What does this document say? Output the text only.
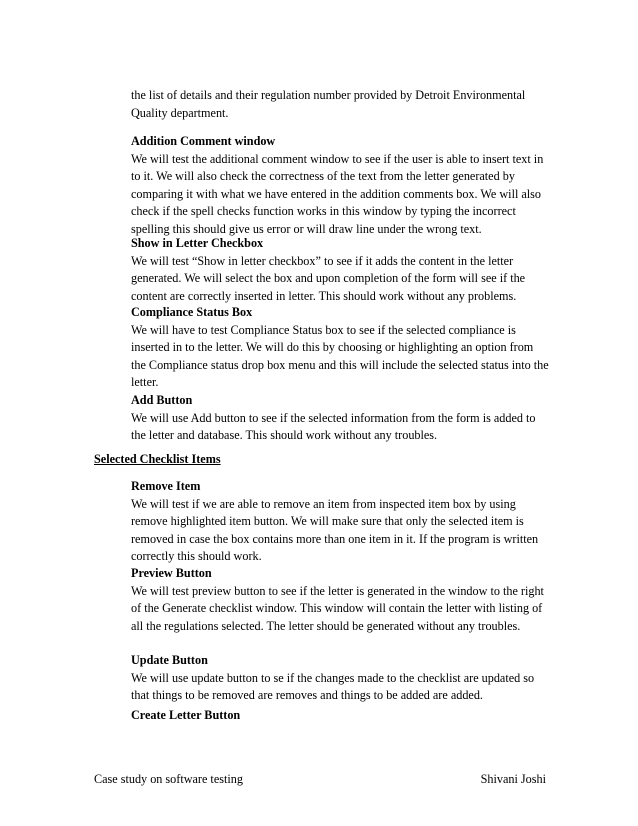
the list of details and their regulation number provided by Detroit Environmental Quality department.

Addition Comment window

We will test the additional comment window to see if the user is able to insert text in to it. We will also check the correctness of the text from the letter generated by comparing it with what we have entered in the addition comments box. We will also check if the spell checks function works in this window by typing the incorrect spelling this should give us error or will draw line under the wrong text.

Show in Letter Checkbox

We will test “Show in letter checkbox” to see if it adds the content in the letter generated. We will select the box and upon completion of the form will see if the content are correctly inserted in letter. This should work without any problems.

Compliance Status Box

We will have to test Compliance Status box to see if the selected compliance is inserted in to the letter. We will do this by choosing or highlighting an option from the Compliance status drop box menu and this will include the selected status into the letter.

Add Button

We will use Add button to see if the selected information from the form is added to the letter and database. This should work without any troubles.

Selected Checklist Items

Remove Item

We will test if we are able to remove an item from inspected item box by using remove highlighted item button. We will make sure that only the selected item is removed in case the box contains more than one item in it. If the program is written correctly this should work.

Preview Button

We will test preview button to see if the letter is generated in the window to the right of the Generate checklist window. This window will contain the letter with listing of all the regulations selected. The letter should be generated without any troubles.

Update Button

We will use update button to se if the changes made to the checklist are updated so that things to be removed are removes and things to be added are added.

Create Letter Button

Case study on software testing	Shivani Joshi
